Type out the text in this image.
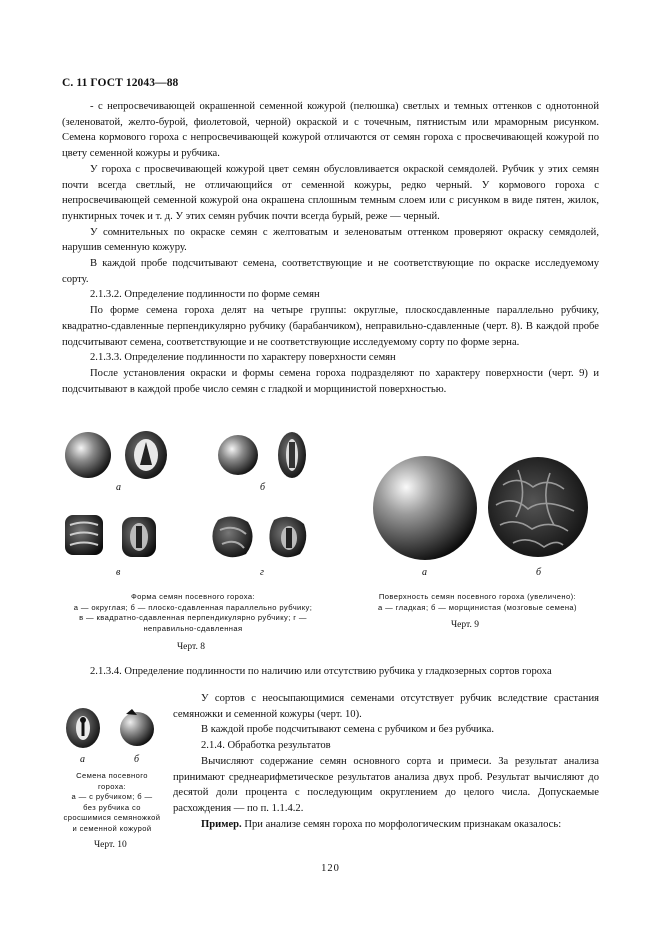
С. 11 ГОСТ 12043—88

- с непросвечивающей окрашенной семенной кожурой (пелюшка) светлых и темных оттенков с однотонной (зеленоватой, желто-бурой, фиолетовой, черной) окраской и с точечным, пятнистым или мраморным рисунком. Семена кормового гороха с непросвечивающей кожурой отличаются от семян гороха с просвечивающей кожурой по цвету семенной кожуры и рубчика.

У гороха с просвечивающей кожурой цвет семян обусловливается окраской семядолей. Рубчик у этих семян почти всегда светлый, не отличающийся от семенной кожуры, редко черный. У кормового гороха с непросвечивающей семенной кожурой она окрашена сплошным темным слоем или с рисунком в виде пятен, жилок, пунктирных точек и т. д. У этих семян рубчик почти всегда бурый, реже — черный.

У сомнительных по окраске семян с желтоватым и зеленоватым оттенком проверяют окраску семядолей, нарушив семенную кожуру.

В каждой пробе подсчитывают семена, соответствующие и не соответствующие по окраске исследуемому сорту.

2.1.3.2. Определение подлинности по форме семян

По форме семена гороха делят на четыре группы: округлые, плоскосдавленные параллельно рубчику, квадратно-сдавленные перпендикулярно рубчику (барабанчиком), неправильно-сдавленные (черт. 8). В каждой пробе подсчитывают семена, соответствующие и не соответствующие исследуемому сорту по форме зерна.

2.1.3.3. Определение подлинности по характеру поверхности семян

После установления окраски и формы семена гороха подразделяют по характеру поверхности (черт. 9) и подсчитывают в каждой пробе число семян с гладкой и морщинистой поверхностью.

а	б
в	г
Форма семян посевного гороха:
а — округлая; б — плоско-сдавленная параллельно рубчику;
в — квадратно-сдавленная перпендикулярно рубчику; г —
неправильно-сдавленная
Черт. 8
а	б
Поверхность семян посевного гороха (увеличено):
а — гладкая; б — морщинистая (мозговые семена)
Черт. 9
2.1.3.4. Определение подлинности по наличию или отсутствию рубчика у гладкозерных сортов гороха
а	б
Семена посевного гороха:
а — с рубчиком; б —
без рубчика со сросшимися семяножкой и семенной кожурой
Черт. 10

У сортов с неосыпающимися семенами отсутствует рубчик вследствие срастания семяножки и семенной кожуры (черт. 10).

В каждой пробе подсчитывают семена с рубчиком и без рубчика.

2.1.4. Обработка результатов

Вычисляют содержание семян основного сорта и примеси. За результат анализа принимают среднеарифметическое результатов анализа двух проб. Результат вычисляют до десятой доли процента с последующим округлением до целого числа. Допускаемые расхождения — по п. 1.1.4.2.

Пример. При анализе семян гороха по морфологическим признакам оказалось:

120
